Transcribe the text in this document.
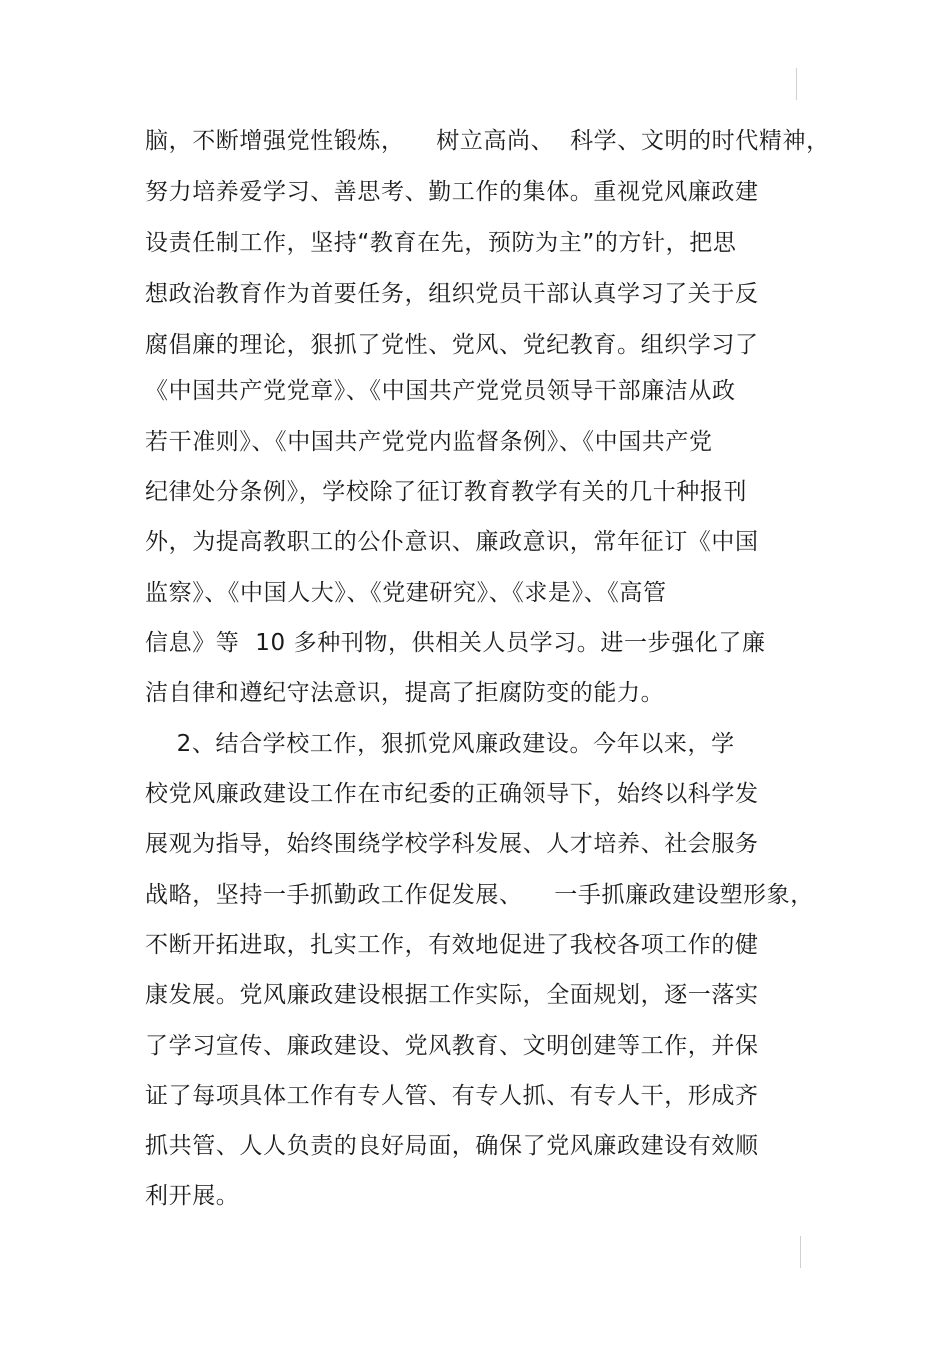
脑，不断增强党性锻炼，    树立高尚、  科学、文明的时代精神，
努力培养爱学习、善思考、勤工作的集体。重视党风廉政建
设责任制工作，坚持“教育在先，预防为主”的方针，把思
想政治教育作为首要任务，组织党员干部认真学习了关于反
腐倡廉的理论，狠抓了党性、党风、党纪教育。组织学习了
《中国共产党党章》、《中国共产党党员领导干部廉洁从政
若干准则》、《中国共产党党内监督条例》、《中国共产党
纪律处分条例》，学校除了征订教育教学有关的几十种报刊
外，为提高教职工的公仆意识、廉政意识，常年征订《中国
监察》、《中国人大》、《党建研究》、《求是》、《高管
信息》等  10 多种刊物，供相关人员学习。进一步强化了廉
洁自律和遵纪守法意识，提高了拒腐防变的能力。
2、结合学校工作，狠抓党风廉政建设。今年以来，学
校党风廉政建设工作在市纪委的正确领导下，始终以科学发
展观为指导，始终围绕学校学科发展、人才培养、社会服务
战略，坚持一手抓勤政工作促发展、    一手抓廉政建设塑形象，
不断开拓进取，扎实工作，有效地促进了我校各项工作的健
康发展。党风廉政建设根据工作实际，全面规划，逐一落实
了学习宣传、廉政建设、党风教育、文明创建等工作，并保
证了每项具体工作有专人管、有专人抓、有专人干，形成齐
抓共管、人人负责的良好局面，确保了党风廉政建设有效顺
利开展。
